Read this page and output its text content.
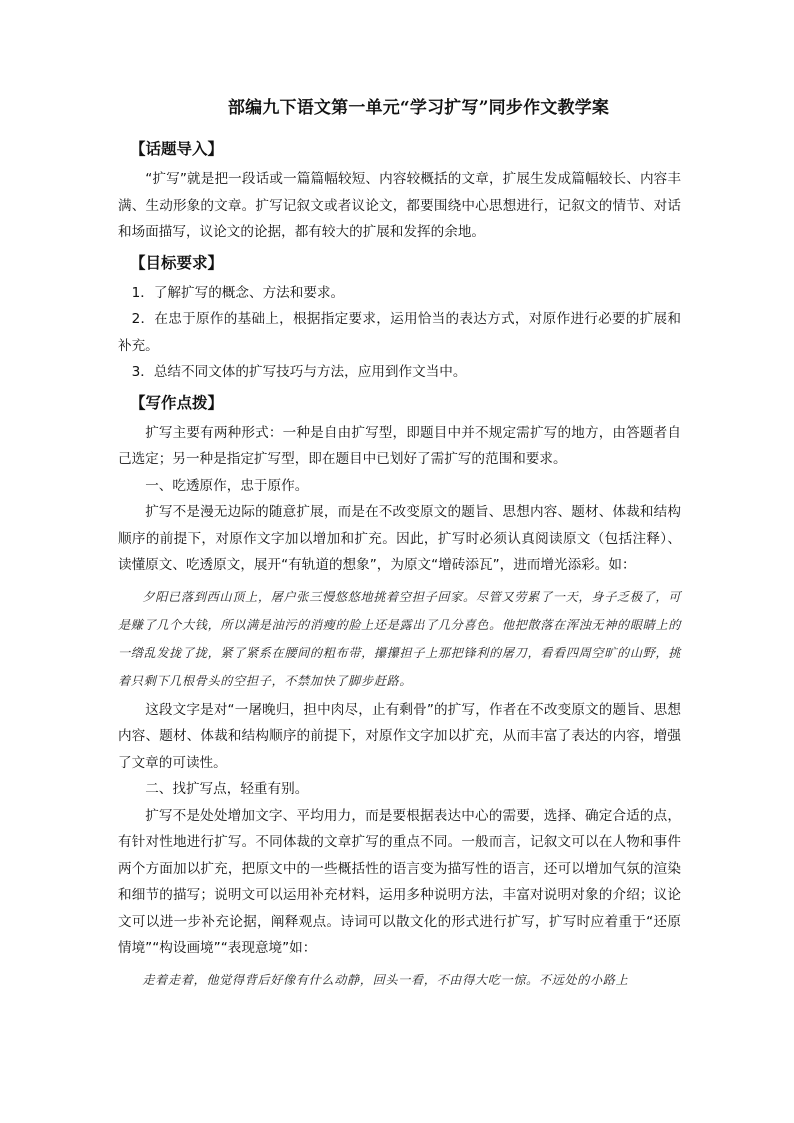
部编九下语文第一单元“学习扩写”同步作文教学案
【话题导入】

“扩写”就是把一段话或一篇篇幅较短、内容较概括的文章，扩展生发成篇幅较长、内容丰满、生动形象的文章。扩写记叙文或者议论文，都要围绕中心思想进行，记叙文的情节、对话和场面描写，议论文的论据，都有较大的扩展和发挥的余地。

【目标要求】

1．了解扩写的概念、方法和要求。

2．在忠于原作的基础上，根据指定要求，运用恰当的表达方式，对原作进行必要的扩展和补充。

3．总结不同文体的扩写技巧与方法，应用到作文当中。

【写作点拨】

扩写主要有两种形式：一种是自由扩写型，即题目中并不规定需扩写的地方，由答题者自己选定；另一种是指定扩写型，即在题目中已划好了需扩写的范围和要求。

一、吃透原作，忠于原作。

扩写不是漫无边际的随意扩展，而是在不改变原文的题旨、思想内容、题材、体裁和结构顺序的前提下，对原作文字加以增加和扩充。因此，扩写时必须认真阅读原文（包括注释）、读懂原文、吃透原文，展开“有轨道的想象”，为原文“增砖添瓦”，进而增光添彩。如：

夕阳已落到西山顶上，屠户张三慢悠悠地挑着空担子回家。尽管又劳累了一天，身子乏极了，可是赚了几个大钱，所以满是油污的消瘦的脸上还是露出了几分喜色。他把散落在浑浊无神的眼睛上的一绺乱发拢了拢，紧了紧系在腰间的粗布带，攥攥担子上那把锋利的屠刀，看看四周空旷的山野，挑着只剩下几根骨头的空担子，不禁加快了脚步赶路。

这段文字是对“一屠晚归，担中肉尽，止有剩骨”的扩写，作者在不改变原文的题旨、思想内容、题材、体裁和结构顺序的前提下，对原作文字加以扩充，从而丰富了表达的内容，增强了文章的可读性。

二、找扩写点，轻重有别。

扩写不是处处增加文字、平均用力，而是要根据表达中心的需要，选择、确定合适的点，有针对性地进行扩写。不同体裁的文章扩写的重点不同。一般而言，记叙文可以在人物和事件两个方面加以扩充，把原文中的一些概括性的语言变为描写性的语言，还可以增加气氛的渲染和细节的描写；说明文可以运用补充材料，运用多种说明方法，丰富对说明对象的介绍；议论文可以进一步补充论据，阐释观点。诗词可以散文化的形式进行扩写，扩写时应着重于“还原情境”“构设画境”“表现意境”如：

走着走着，他觉得背后好像有什么动静，回头一看，不由得大吃一惊。不远处的小路上
